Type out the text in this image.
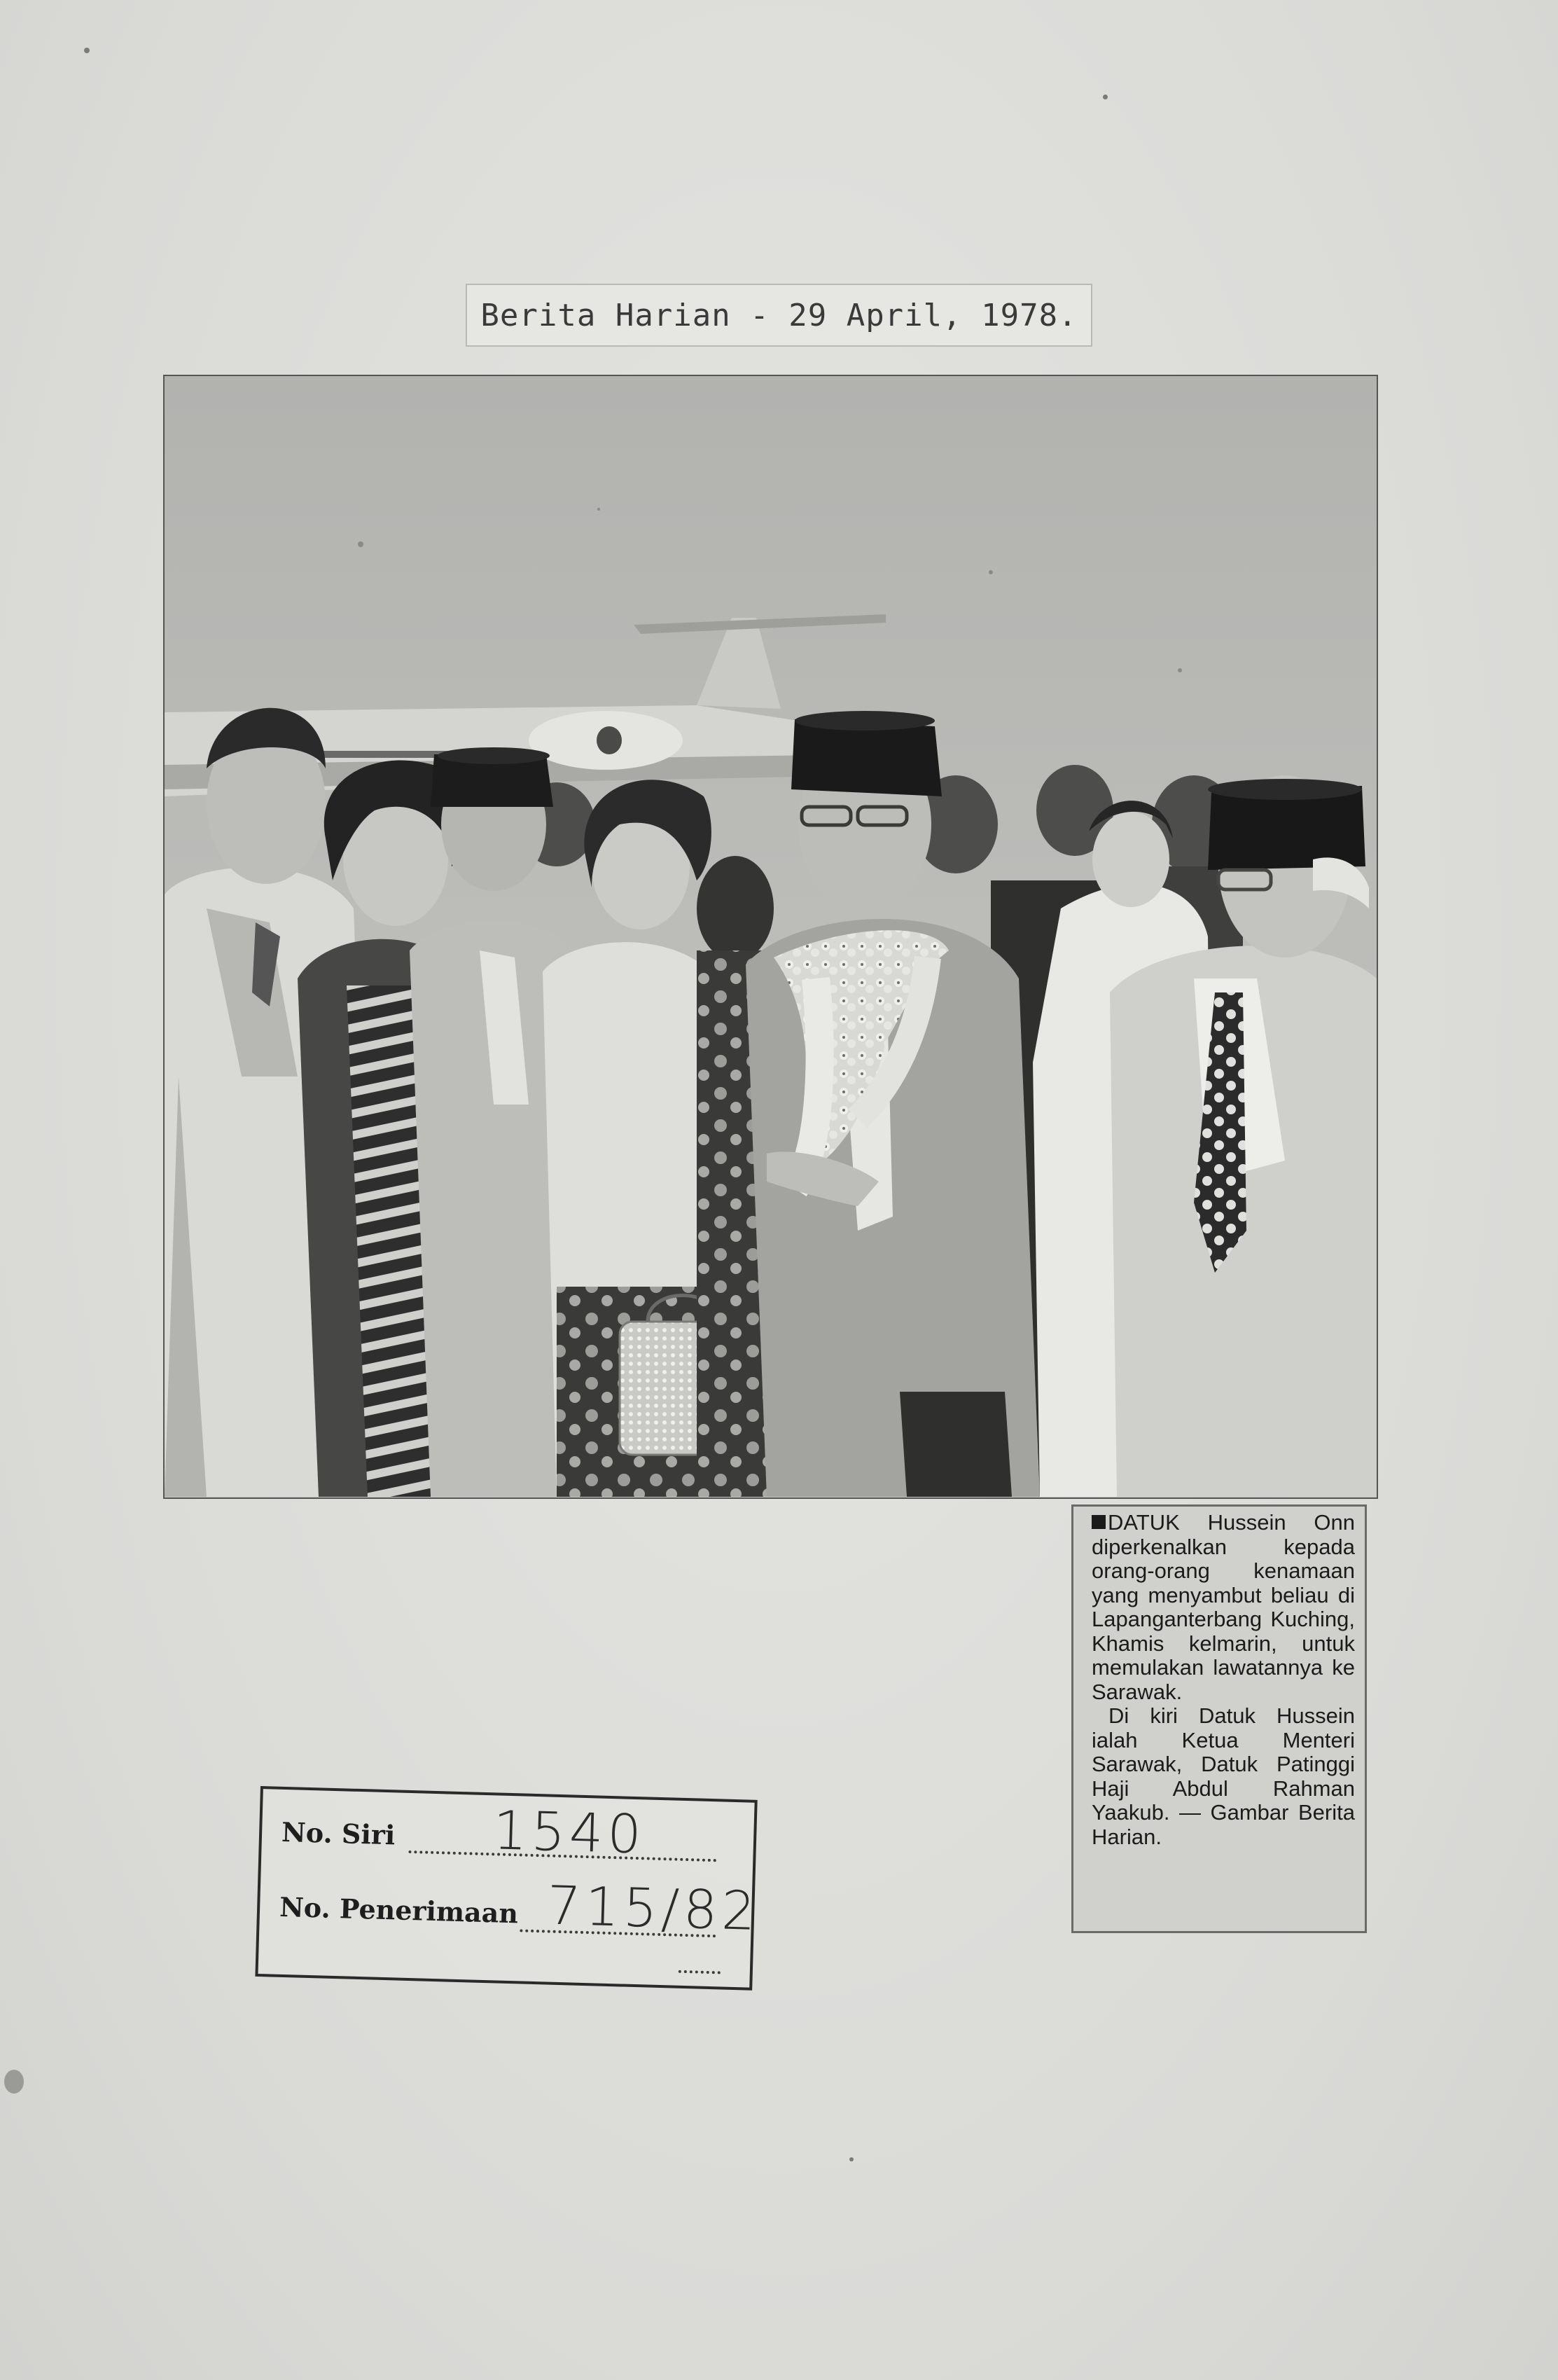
Berita Harian - 29 April, 1978.

DATUK Hussein Onn diperkenalkan kepada orang-orang kenamaan yang menyambut beliau di Lapanganterbang Kuching, Khamis kelmarin, untuk memulakan lawatannya ke Sarawak.

Di kiri Datuk Hussein ialah Ketua Menteri Sarawak, Datuk Patinggi Haji Abdul Rahman Yaakub. — Gambar Berita Harian.

No. Siri 1540
No. Penerimaan 715/82
